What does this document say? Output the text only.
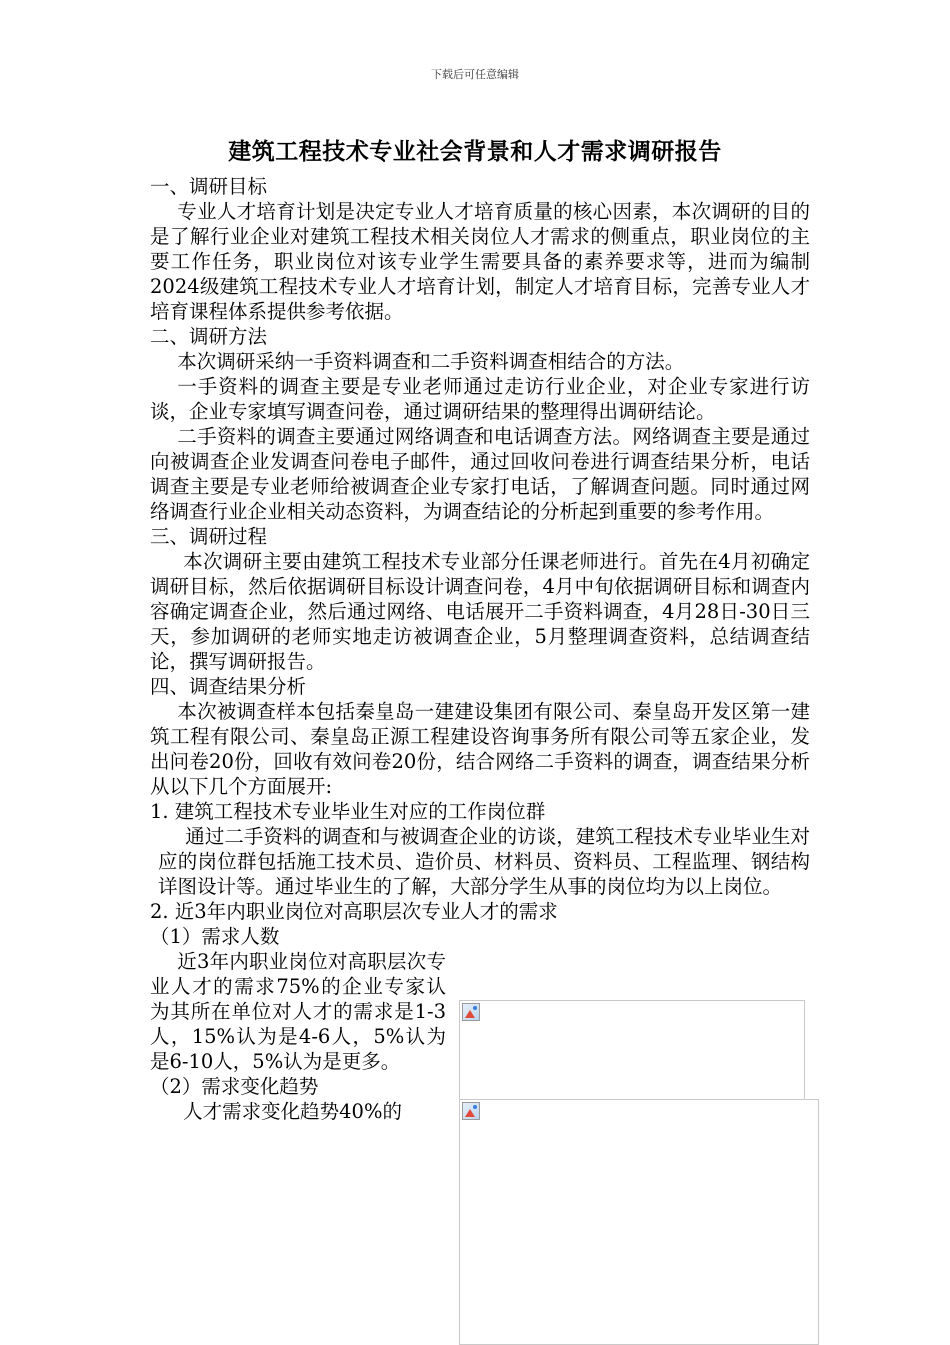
下载后可任意编辑
建筑工程技术专业社会背景和人才需求调研报告

一、调研目标

专业人才培育计划是决定专业人才培育质量的核心因素，本次调研的目的是了解行业企业对建筑工程技术相关岗位人才需求的侧重点，职业岗位的主要工作任务，职业岗位对该专业学生需要具备的素养要求等，进而为编制2024级建筑工程技术专业人才培育计划，制定人才培育目标，完善专业人才培育课程体系提供参考依据。

二、调研方法

本次调研采纳一手资料调查和二手资料调查相结合的方法。

一手资料的调查主要是专业老师通过走访行业企业，对企业专家进行访谈，企业专家填写调查问卷，通过调研结果的整理得出调研结论。

二手资料的调查主要通过网络调查和电话调查方法。网络调查主要是通过向被调查企业发调查问卷电子邮件，通过回收问卷进行调查结果分析，电话调查主要是专业老师给被调查企业专家打电话，了解调查问题。同时通过网络调查行业企业相关动态资料，为调查结论的分析起到重要的参考作用。

三、调研过程

本次调研主要由建筑工程技术专业部分任课老师进行。首先在4月初确定调研目标，然后依据调研目标设计调查问卷，4月中旬依据调研目标和调查内容确定调查企业，然后通过网络、电话展开二手资料调查，4月28日-30日三天，参加调研的老师实地走访被调查企业，5月整理调查资料，总结调查结论，撰写调研报告。

四、调查结果分析

本次被调查样本包括秦皇岛一建建设集团有限公司、秦皇岛开发区第一建筑工程有限公司、秦皇岛正源工程建设咨询事务所有限公司等五家企业，发出问卷20份，回收有效问卷20份，结合网络二手资料的调查，调查结果分析从以下几个方面展开:

1. 建筑工程技术专业毕业生对应的工作岗位群

通过二手资料的调查和与被调查企业的访谈，建筑工程技术专业毕业生对应的岗位群包括施工技术员、造价员、材料员、资料员、工程监理、钢结构详图设计等。通过毕业生的了解，大部分学生从事的岗位均为以上岗位。

2. 近3年内职业岗位对高职层次专业人才的需求

（1）需求人数

近3年内职业岗位对高职层次专业人才的需求75%的企业专家认为其所在单位对人才的需求是1-3人，15%认为是4-6人，5%认为是6-10人，5%认为是更多。

（2）需求变化趋势

人才需求变化趋势40%的
